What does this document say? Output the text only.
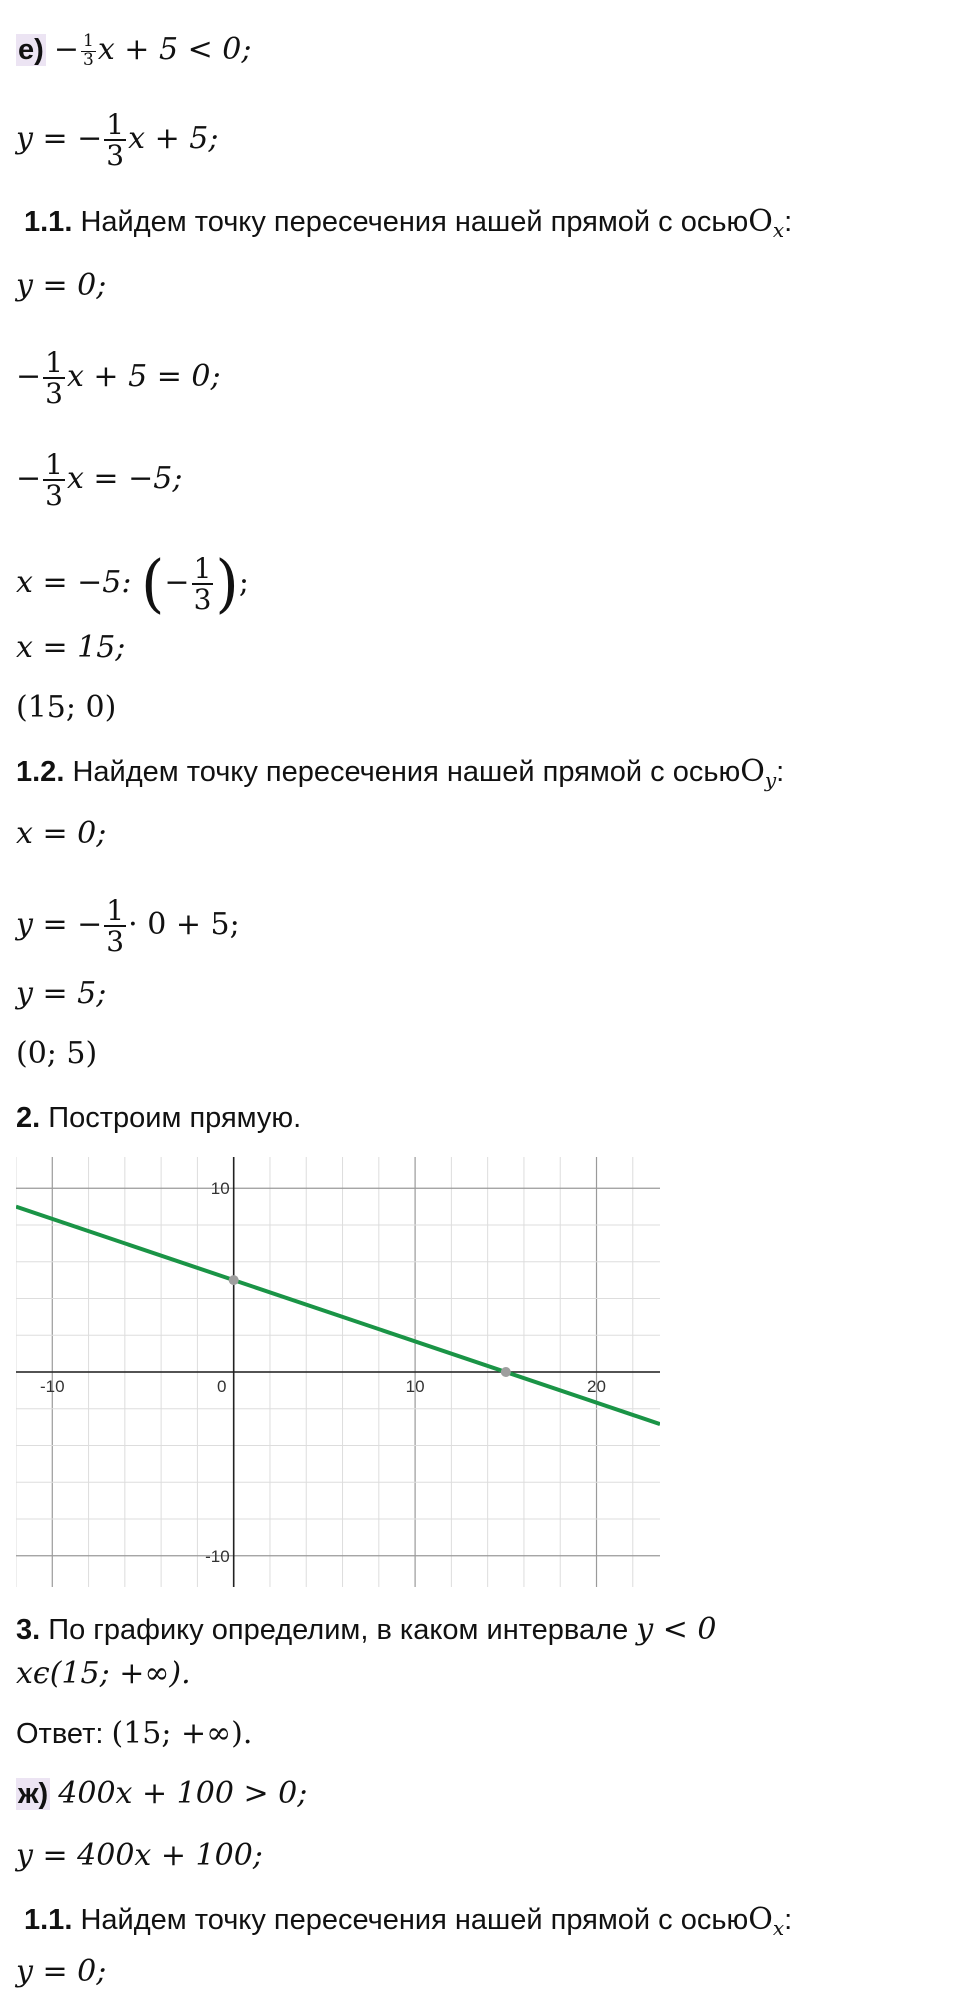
$е) - \frac{1}{3}$ x + 5 < 0;
y = − $\frac{1}{3}$ x + 5;
1.1. Найдем точку пересечения нашей прямой с осьюO$_x$:
y = 0;
− $\frac{1}{3}$ x + 5 = 0;
− $\frac{1}{3}$ x = −5;
x = −5: (− $\frac{1}{3}$ );
x = 15;
(15; 0)
1.2. Найдем точку пересечения нашей прямой с осьюO$_y$:
x = 0;
y = − $\frac{1}{3} \cdot 0 + 5$;
y = 5;
(0; 5)
2. Построим прямую.
-10	0	10	20
10
-10
3. По графику определим, в каком интервале y < 0
xϵ(15; +∞).
Ответ: (15; +∞).
ж) 400x + 100 > 0;
y = 400x + 100;
1.1. Найдем точку пересечения нашей прямой с осьюO$_x$:
y = 0;
